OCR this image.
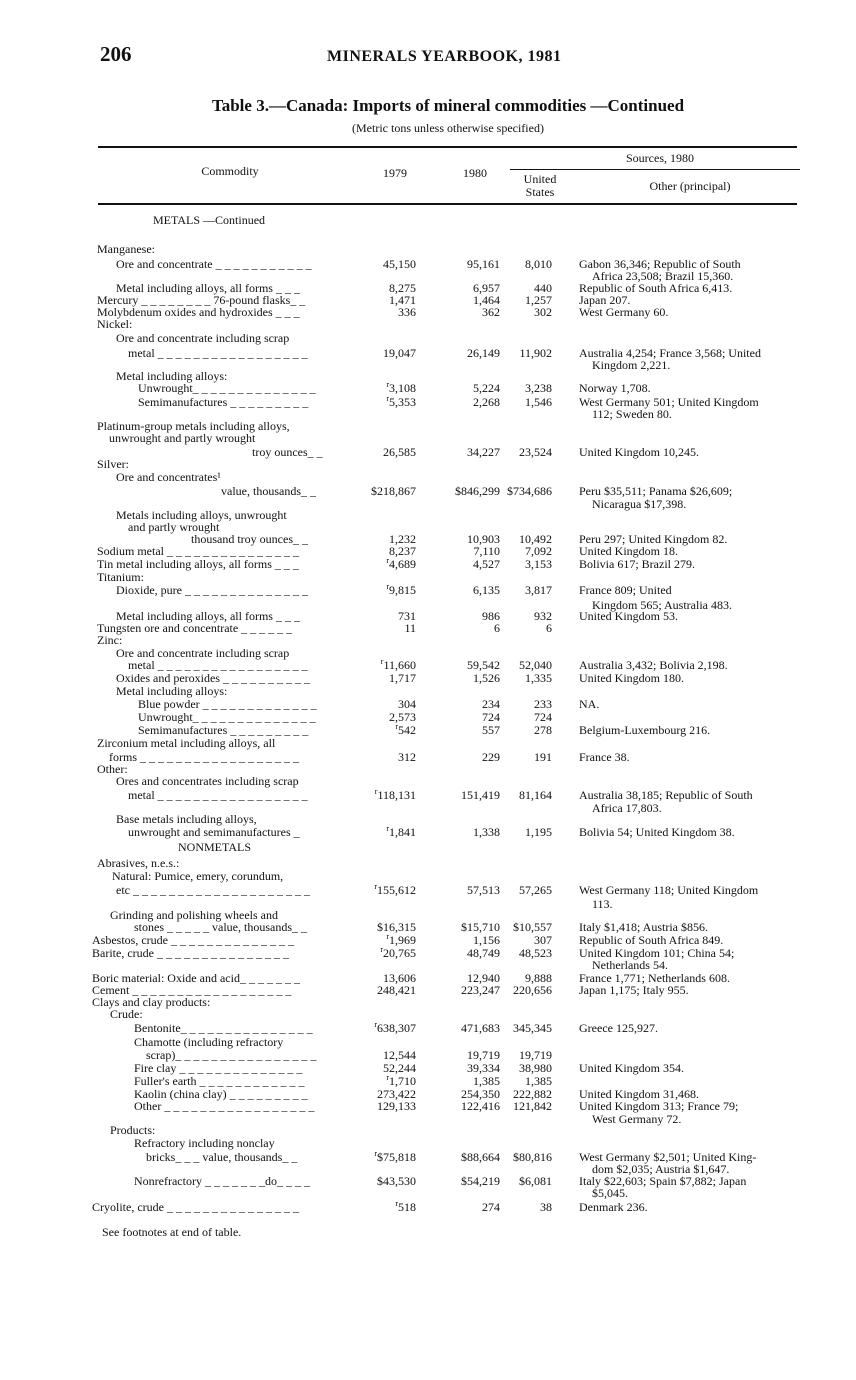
206	MINERALS YEARBOOK, 1981
Table 3.—Canada: Imports of mineral commodities —Continued
(Metric tons unless otherwise specified)
Commodity	1979	1980
Sources, 1980
United
States	Other (principal)
METALS —Continued
Manganese:
Ore and concentrate _ _ _ _ _ _ _ _ _ _ _	45,150	95,161 8,010 Gabon 36,346; Republic of South
Africa 23,508; Brazil 15,360.
Metal including alloys, all forms _ _ _	8,275	6,957	440 Republic of South Africa 6,413.
Mercury _ _ _ _ _ _ _ _ 76-pound flasks_ _	1,471	1,464 1,257 Japan 207.
Molybdenum oxides and hydroxides _ _ _	336	362	302 West Germany 60.
Nickel:
Ore and concentrate including scrap
metal _ _ _ _ _ _ _ _ _ _ _ _ _ _ _ _ _	19,047	26,149 11,902 Australia 4,254; France 3,568; United
Kingdom 2,221.
Metal including alloys:
Unwrought_ _ _ _ _ _ _ _ _ _ _ _ _ _	$^r$3,108	5,224 3,238 Norway 1,708.
Semimanufactures _ _ _ _ _ _ _ _ _	$^r$5,353	2,268 1,546 West Germany 501; United Kingdom
112; Sweden 80.
Platinum-group metals including alloys,
unwrought and partly wrought
troy ounces_ _	26,585	34,227 23,524 United Kingdom 10,245.
Silver:
Ore and concentrates¹
value, thousands_ _	$218,867	$846,299 $734,686 Peru $35,511; Panama $26,609;
Nicaragua $17,398.
Metals including alloys, unwrought
and partly wrought
thousand troy ounces_ _	1,232	10,903 10,492 Peru 297; United Kingdom 82.
Sodium metal _ _ _ _ _ _ _ _ _ _ _ _ _ _ _	8,237	7,110 7,092 United Kingdom 18.
Tin metal including alloys, all forms _ _ _	$^r$4,689	4,527 3,153 Bolivia 617; Brazil 279.
Titanium:
Dioxide, pure _ _ _ _ _ _ _ _ _ _ _ _ _ _	$^r$9,815	6,135 3,817 France 809; United
Kingdom 565; Australia 483.
Metal including alloys, all forms _ _ _	731	986	932 United Kingdom 53.
Tungsten ore and concentrate _ _ _ _ _ _	11	6	6
Zinc:
Ore and concentrate including scrap
metal _ _ _ _ _ _ _ _ _ _ _ _ _ _ _ _ _	$^r$11,660	59,542 52,040 Australia 3,432; Bolivia 2,198.
Oxides and peroxides _ _ _ _ _ _ _ _ _ _	1,717	1,526 1,335 United Kingdom 180.
Metal including alloys:
Blue powder _ _ _ _ _ _ _ _ _ _ _ _ _	304	234	233 NA.
Unwrought_ _ _ _ _ _ _ _ _ _ _ _ _ _	2,573	724	724
Semimanufactures _ _ _ _ _ _ _ _ _	$^r$542	557	278 Belgium-Luxembourg 216.
Zirconium metal including alloys, all
forms _ _ _ _ _ _ _ _ _ _ _ _ _ _ _ _ _ _	312	229	191 France 38.
Other:
Ores and concentrates including scrap
metal _ _ _ _ _ _ _ _ _ _ _ _ _ _ _ _ _	$^r$118,131	151,419 81,164 Australia 38,185; Republic of South
Africa 17,803.
Base metals including alloys,
unwrought and semimanufactures _	$^r$1,841	1,338 1,195 Bolivia 54; United Kingdom 38.
NONMETALS
Abrasives, n.e.s.:
Natural: Pumice, emery, corundum,
etc _ _ _ _ _ _ _ _ _ _ _ _ _ _ _ _ _ _ _ _	$^r$155,612	57,513 57,265 West Germany 118; United Kingdom
113.
Grinding and polishing wheels and
stones _ _ _ _ _ value, thousands_ _	$16,315	$15,710 $10,557 Italy $1,418; Austria $856.
Asbestos, crude _ _ _ _ _ _ _ _ _ _ _ _ _ _	$^r$1,969	1,156	307 Republic of South Africa 849.
Barite, crude _ _ _ _ _ _ _ _ _ _ _ _ _ _ _	$^r$20,765	48,749 48,523 United Kingdom 101; China 54;
Netherlands 54.
Boric material: Oxide and acid_ _ _ _ _ _ _	13,606	12,940 9,888 France 1,771; Netherlands 608.
Cement _ _ _ _ _ _ _ _ _ _ _ _ _ _ _ _ _ _	248,421	223,247 220,656 Japan 1,175; Italy 955.
Clays and clay products:
Crude:
Bentonite_ _ _ _ _ _ _ _ _ _ _ _ _ _ _	$^r$638,307	471,683 345,345 Greece 125,927.
Chamotte (including refractory
scrap)_ _ _ _ _ _ _ _ _ _ _ _ _ _ _ _	12,544	19,719 19,719
Fire clay _ _ _ _ _ _ _ _ _ _ _ _ _ _	52,244	39,334 38,980 United Kingdom 354.
Fuller's earth _ _ _ _ _ _ _ _ _ _ _ _	$^r$1,710	1,385 1,385
Kaolin (china clay) _ _ _ _ _ _ _ _ _	273,422	254,350 222,882 United Kingdom 31,468.
Other _ _ _ _ _ _ _ _ _ _ _ _ _ _ _ _ _	129,133	122,416 121,842 United Kingdom 313; France 79;
West Germany 72.
Products:
Refractory including nonclay
bricks_ _ _ value, thousands_ _	$^r$\$75,818	$88,664 $80,816 West Germany $2,501; United King-
dom $2,035; Austria $1,647.
Nonrefractory _ _ _ _ _ _ _do_ _ _ _	$43,530	$54,219 $6,081 Italy $22,603; Spain $7,882; Japan
$5,045.
Cryolite, crude _ _ _ _ _ _ _ _ _ _ _ _ _ _ _	$^r$518	274	38 Denmark 236.
See footnotes at end of table.
